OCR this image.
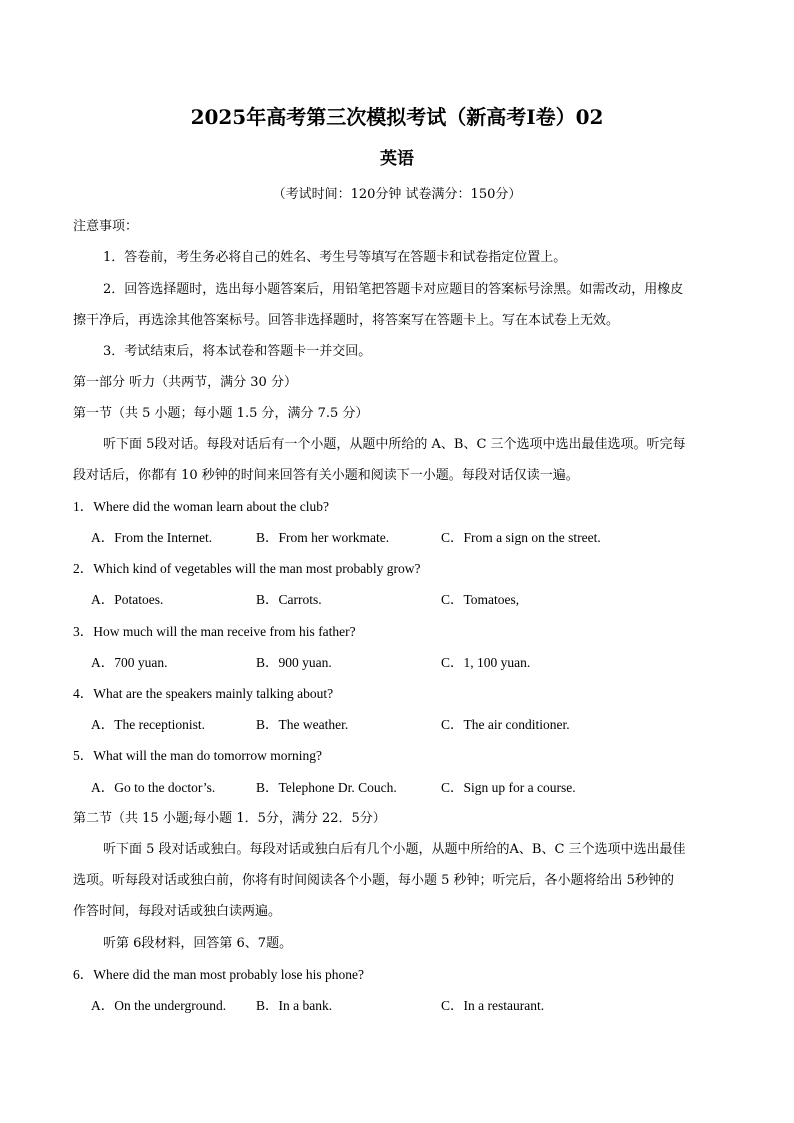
2025年高考第三次模拟考试（新高考I卷）02
英语
（考试时间：120分钟 试卷满分：150分）
注意事项：
1．答卷前，考生务必将自己的姓名、考生号等填写在答题卡和试卷指定位置上。
2．回答选择题时，选出每小题答案后，用铅笔把答题卡对应题目的答案标号涂黑。如需改动，用橡皮
擦干净后，再选涂其他答案标号。回答非选择题时，将答案写在答题卡上。写在本试卷上无效。
3．考试结束后，将本试卷和答题卡一并交回。
第一部分 听力（共两节，满分 30 分）
第一节（共 5 小题；每小题 1.5 分，满分 7.5 分）
听下面 5段对话。每段对话后有一个小题，从题中所给的 A、B、C 三个选项中选出最佳选项。听完每
段对话后，你都有 10 秒钟的时间来回答有关小题和阅读下一小题。每段对话仅读一遍。
1．Where did the woman learn about the club?
A．From the Internet.	B．From her workmate.	C．From a sign on the street.
2．Which kind of vegetables will the man most probably grow?
A．Potatoes.	B．Carrots.	C．Tomatoes,
3．How much will the man receive from his father?
A．700 yuan.	B．900 yuan.	C．1, 100 yuan.
4．What are the speakers mainly talking about?
A．The receptionist.	B．The weather.	C．The air conditioner.
5．What will the man do tomorrow morning?
A．Go to the doctor’s.	B．Telephone Dr. Couch.	C．Sign up for a course.
第二节（共 15 小题;每小题 1．5分，满分 22．5分）
听下面 5 段对话或独白。每段对话或独白后有几个小题，从题中所给的A、B、C 三个选项中选出最佳
选项。听每段对话或独白前，你将有时间阅读各个小题，每小题 5 秒钟；听完后，各小题将给出 5秒钟的
作答时间，每段对话或独白读两遍。
听第 6段材料，回答第 6、7题。
6．Where did the man most probably lose his phone?
A．On the underground. B．In a bank.	C．In a restaurant.
